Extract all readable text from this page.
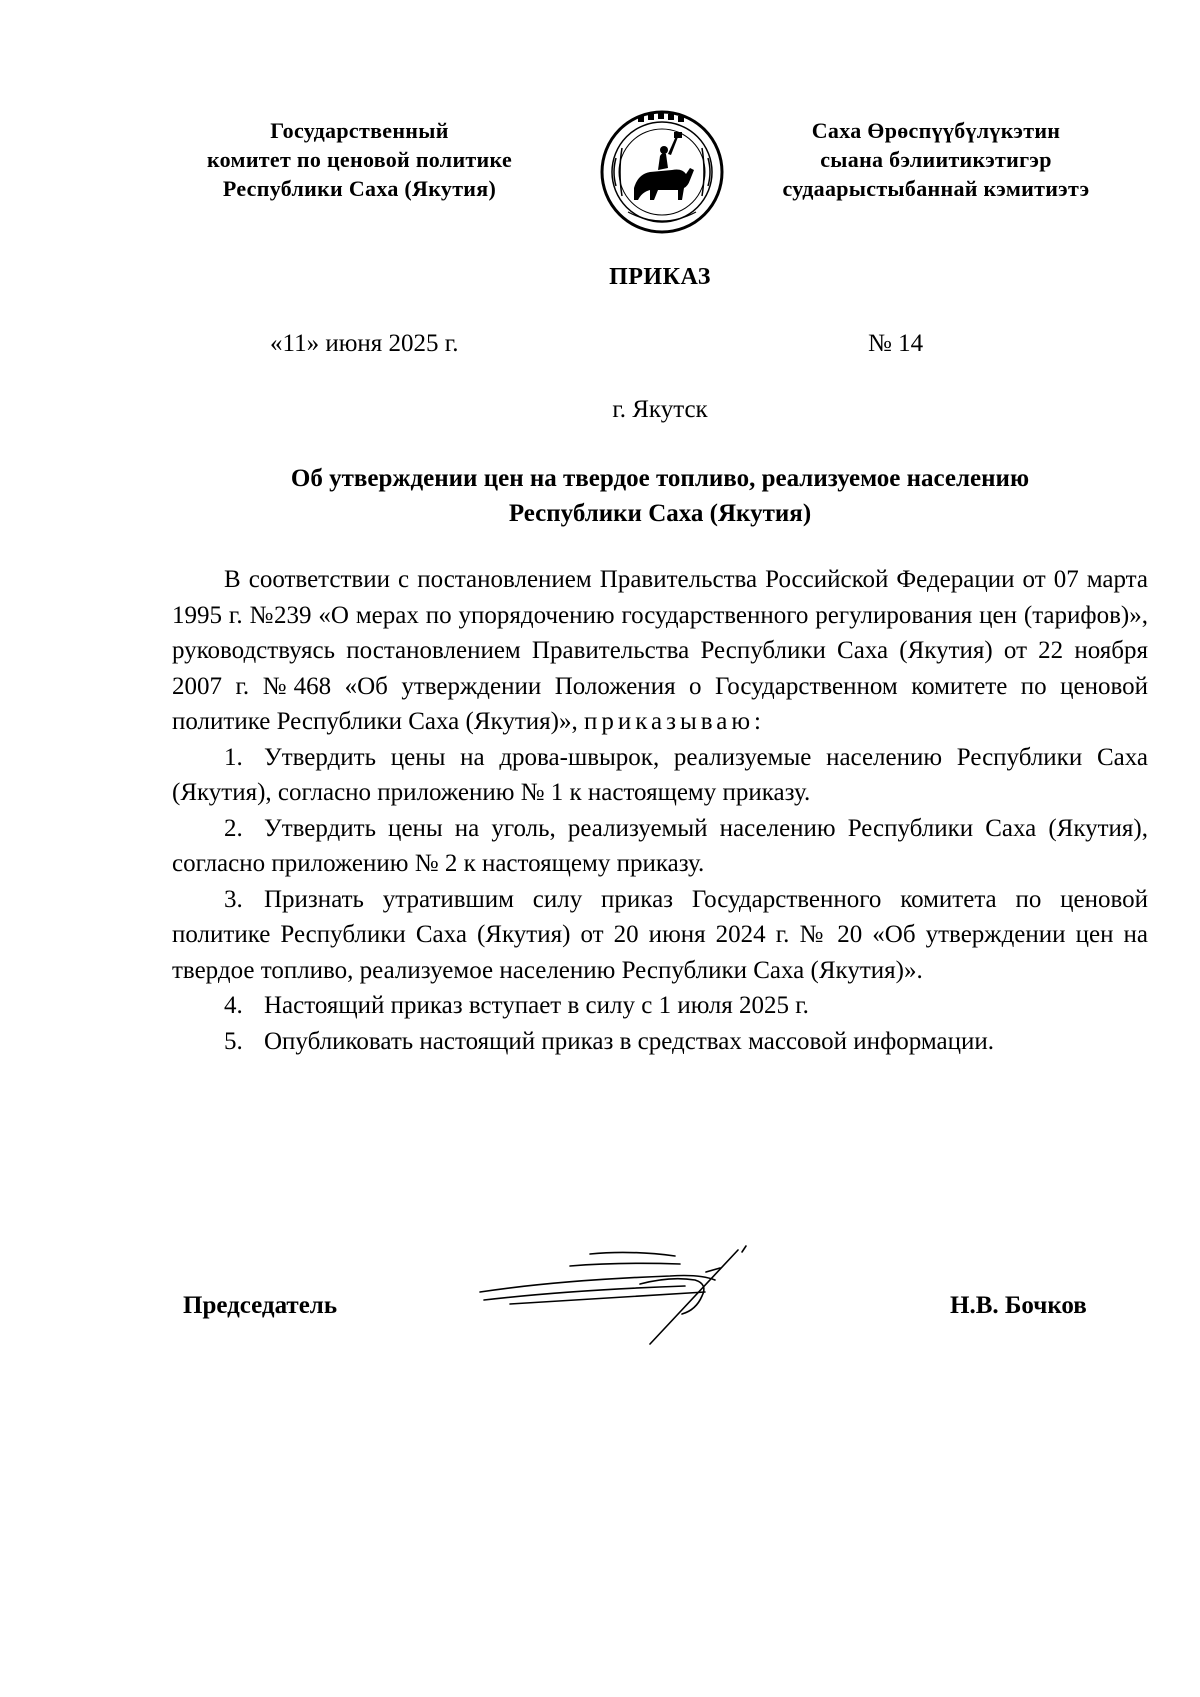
Государственный
комитет по ценовой политике
Республики Саха (Якутия)
Саха Өрөспүүбүлүкэтин
сыана бэлиитикэтигэр
судаарыстыбаннай кэмитиэтэ
ПРИКАЗ
«11» июня 2025 г.	№ 14
г. Якутск
Об утверждении цен на твердое топливо, реализуемое населению
Республики Саха (Якутия)

В соответствии с постановлением Правительства Российской Федерации от 07 марта 1995 г. №239 «О мерах по упорядочению государственного регулирования цен (тарифов)», руководствуясь постановлением Правительства Республики Саха (Якутия) от 22 ноября 2007 г. №468 «Об утверждении Положения о Государственном комитете по ценовой политике Республики Саха (Якутия)», приказываю:

1. Утвердить цены на дрова-швырок, реализуемые населению Республики Саха (Якутия), согласно приложению № 1 к настоящему приказу.

2. Утвердить цены на уголь, реализуемый населению Республики Саха (Якутия), согласно приложению № 2 к настоящему приказу.

3. Признать утратившим силу приказ Государственного комитета по ценовой политике Республики Саха (Якутия) от 20 июня 2024 г. № 20 «Об утверждении цен на твердое топливо, реализуемое населению Республики Саха (Якутия)».

4. Настоящий приказ вступает в силу с 1 июля 2025 г.

5. Опубликовать настоящий приказ в средствах массовой информации.

Председатель	Н.В. Бочков
